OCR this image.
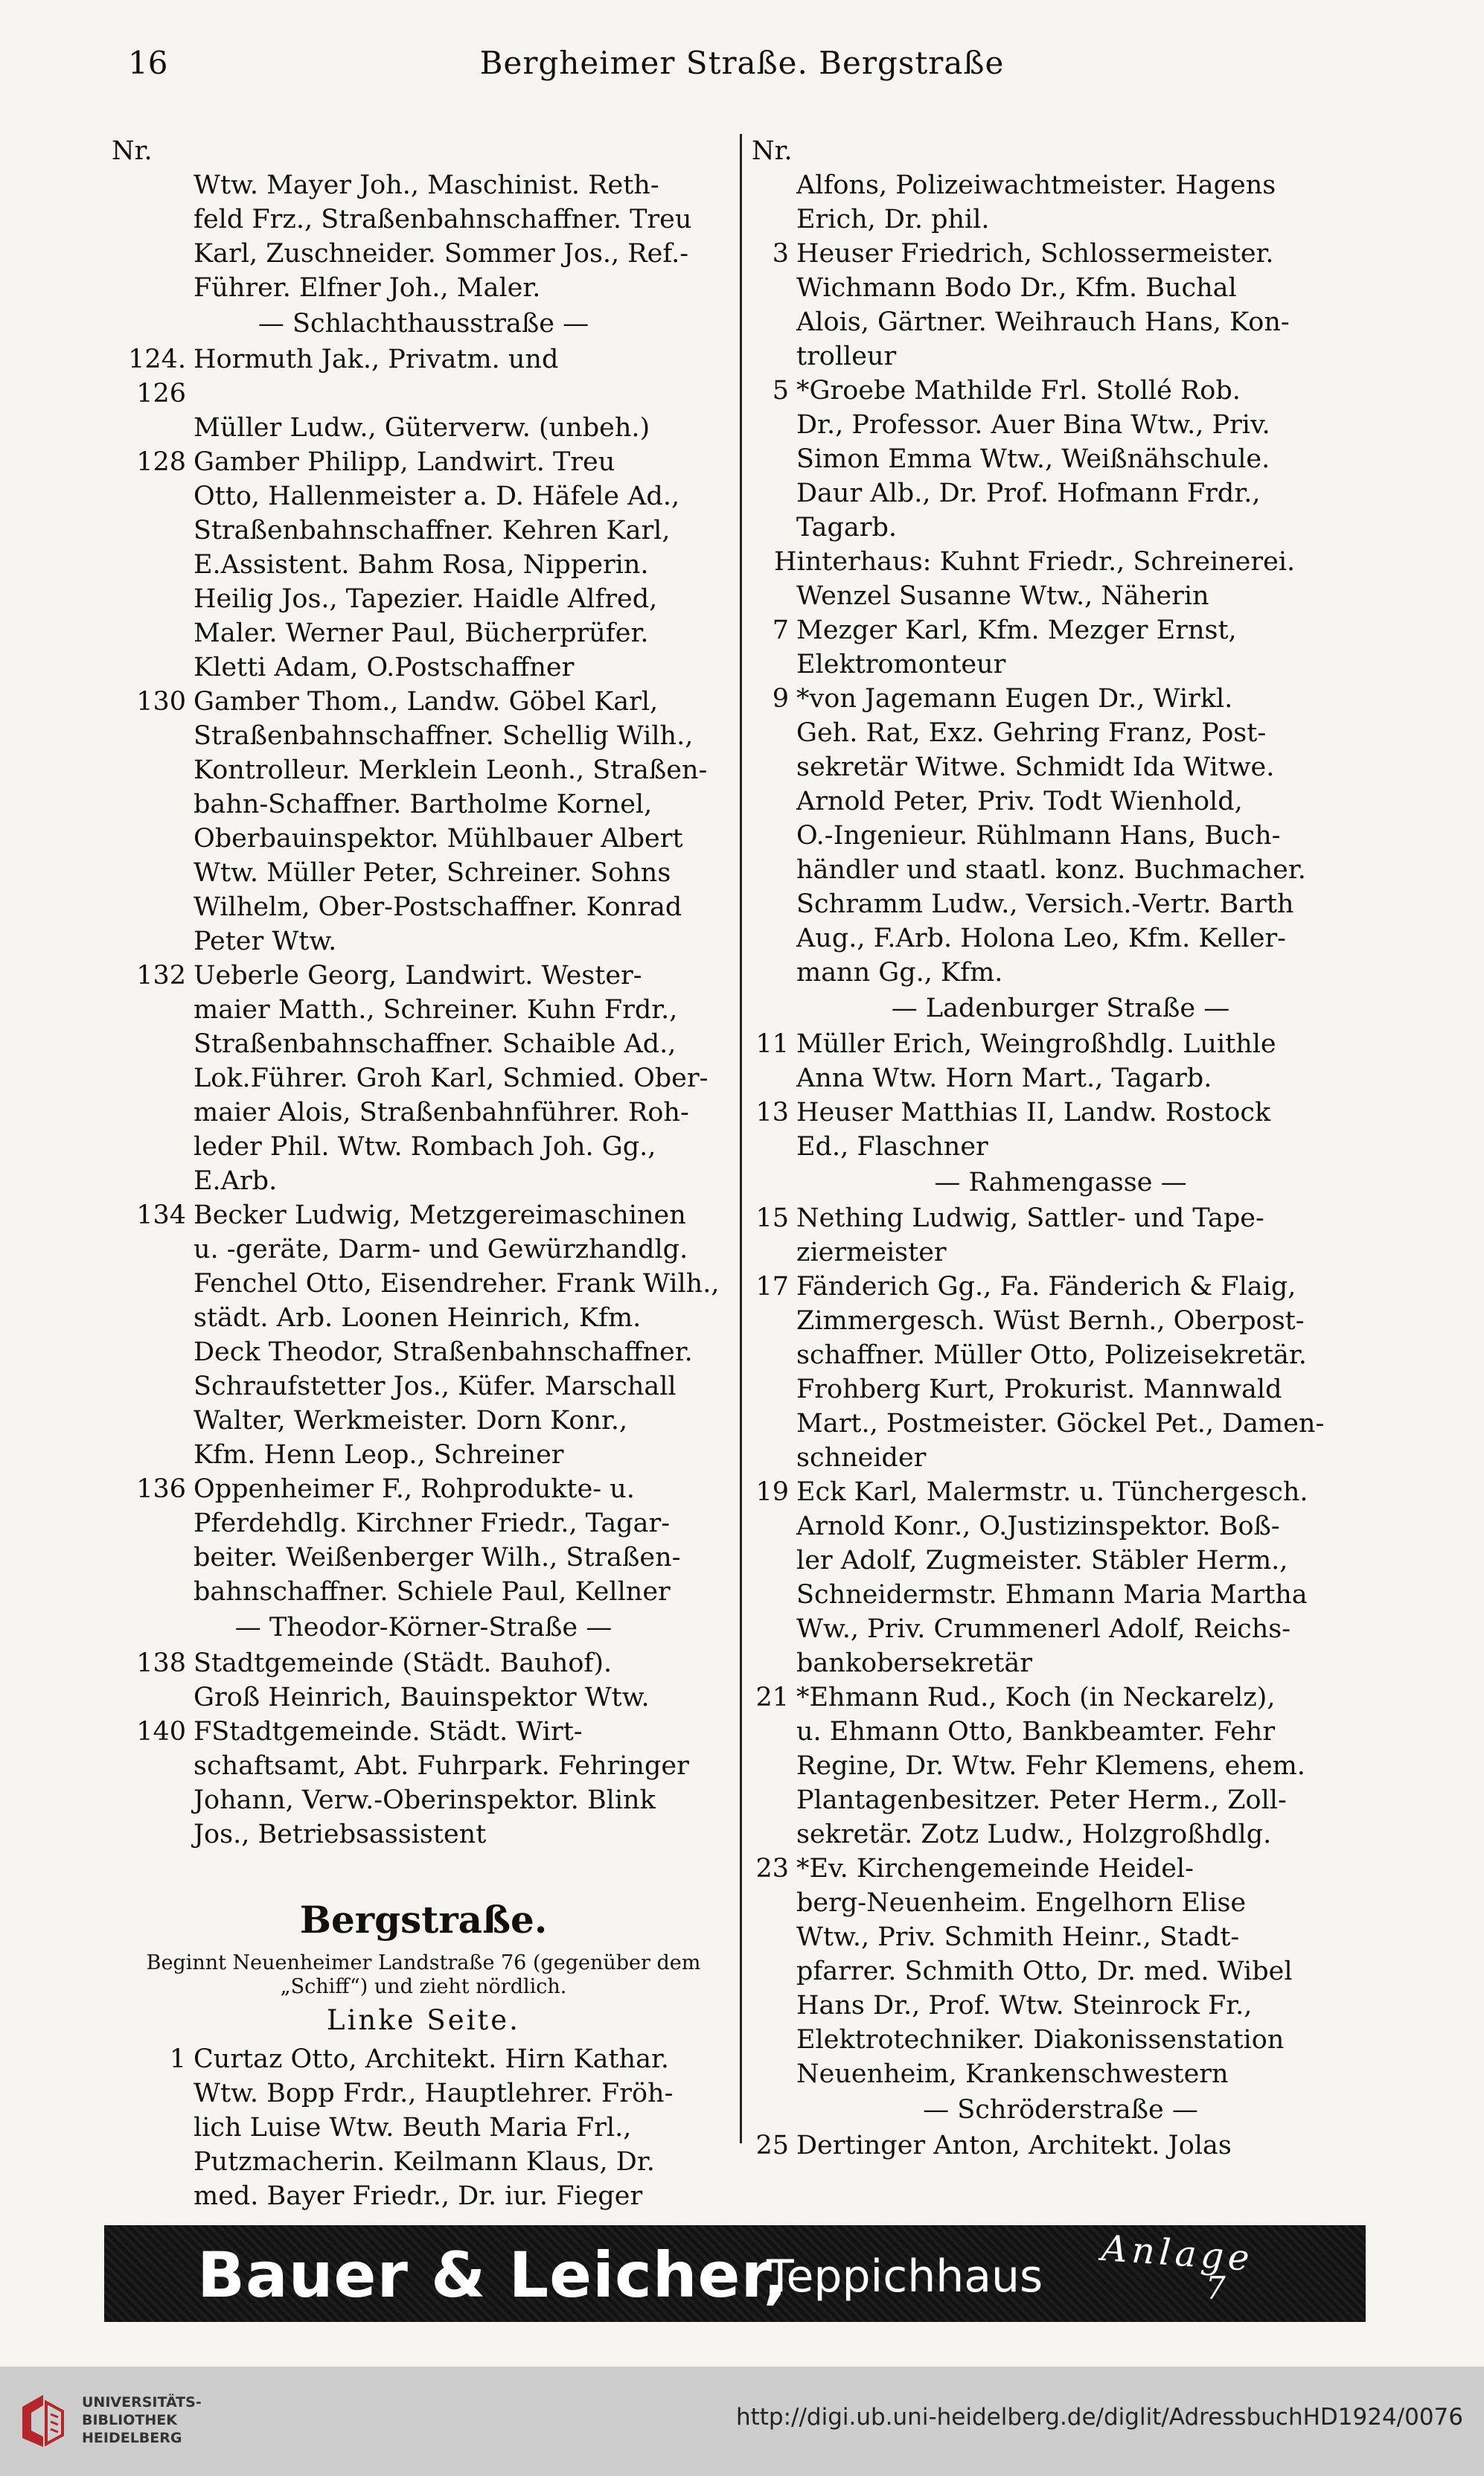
16	Bergheimer Straße. Bergstraße
Nr.
Wtw. Mayer Joh., Maschinist. Reth-
feld Frz., Straßenbahnschaffner. Treu
Karl, Zuschneider. Sommer Jos., Ref.-
Führer. Elfner Joh., Maler.
— Schlachthausstraße —
124. 126
Hormuth Jak., Privatm. und
Müller Ludw., Güterverw. (unbeh.)
128 Gamber Philipp, Landwirt. Treu
Otto, Hallenmeister a. D. Häfele Ad.,
Straßenbahnschaffner. Kehren Karl,
E.Assistent. Bahm Rosa, Nipperin.
Heilig Jos., Tapezier. Haidle Alfred,
Maler. Werner Paul, Bücherprüfer.
Kletti Adam, O.Postschaffner
130 Gamber Thom., Landw. Göbel Karl,
Straßenbahnschaffner. Schellig Wilh.,
Kontrolleur. Merklein Leonh., Straßen-
bahn-Schaffner. Bartholme Kornel,
Oberbauinspektor. Mühlbauer Albert
Wtw. Müller Peter, Schreiner. Sohns
Wilhelm, Ober-Postschaffner. Konrad
Peter Wtw.
132 Ueberle Georg, Landwirt. Wester-
maier Matth., Schreiner. Kuhn Frdr.,
Straßenbahnschaffner. Schaible Ad.,
Lok.Führer. Groh Karl, Schmied. Ober-
maier Alois, Straßenbahnführer. Roh-
leder Phil. Wtw. Rombach Joh. Gg.,
E.Arb.
134 Becker Ludwig, Metzgereimaschinen
u. -geräte, Darm- und Gewürzhandlg.
Fenchel Otto, Eisendreher. Frank Wilh.,
städt. Arb. Loonen Heinrich, Kfm.
Deck Theodor, Straßenbahnschaffner.
Schraufstetter Jos., Küfer. Marschall
Walter, Werkmeister. Dorn Konr.,
Kfm. Henn Leop., Schreiner
136 Oppenheimer F., Rohprodukte- u.
Pferdehdlg. Kirchner Friedr., Tagar-
beiter. Weißenberger Wilh., Straßen-
bahnschaffner. Schiele Paul, Kellner
— Theodor-Körner-Straße —
138 Stadtgemeinde (Städt. Bauhof).
Groß Heinrich, Bauinspektor Wtw.
140 FStadtgemeinde. Städt. Wirt-
schaftsamt, Abt. Fuhrpark. Fehringer
Johann, Verw.-Oberinspektor. Blink
Jos., Betriebsassistent
Bergstraße.
Beginnt Neuenheimer Landstraße 76 (gegenüber dem „Schiff“) und zieht nördlich.
Linke Seite.
1 Curtaz Otto, Architekt. Hirn Kathar.
Wtw. Bopp Frdr., Hauptlehrer. Fröh-
lich Luise Wtw. Beuth Maria Frl.,
Putzmacherin. Keilmann Klaus, Dr.
med. Bayer Friedr., Dr. iur. Fieger
Nr.
Alfons, Polizeiwachtmeister. Hagens
Erich, Dr. phil.
3 Heuser Friedrich, Schlossermeister.
Wichmann Bodo Dr., Kfm. Buchal
Alois, Gärtner. Weihrauch Hans, Kon-
trolleur
5 *Groebe Mathilde Frl. Stollé Rob.
Dr., Professor. Auer Bina Wtw., Priv.
Simon Emma Wtw., Weißnähschule.
Daur Alb., Dr. Prof. Hofmann Frdr.,
Tagarb.
Hinterhaus: Kuhnt Friedr., Schreinerei.
Wenzel Susanne Wtw., Näherin
7 Mezger Karl, Kfm. Mezger Ernst,
Elektromonteur
9 *von Jagemann Eugen Dr., Wirkl.
Geh. Rat, Exz. Gehring Franz, Post-
sekretär Witwe. Schmidt Ida Witwe.
Arnold Peter, Priv. Todt Wienhold,
O.-Ingenieur. Rühlmann Hans, Buch-
händler und staatl. konz. Buchmacher.
Schramm Ludw., Versich.-Vertr. Barth
Aug., F.Arb. Holona Leo, Kfm. Keller-
mann Gg., Kfm.
— Ladenburger Straße —
11 Müller Erich, Weingroßhdlg. Luithle
Anna Wtw. Horn Mart., Tagarb.
13 Heuser Matthias II, Landw. Rostock
Ed., Flaschner
— Rahmengasse —
15 Nething Ludwig, Sattler- und Tape-
ziermeister
17 Fänderich Gg., Fa. Fänderich & Flaig,
Zimmergesch. Wüst Bernh., Oberpost-
schaffner. Müller Otto, Polizeisekretär.
Frohberg Kurt, Prokurist. Mannwald
Mart., Postmeister. Göckel Pet., Damen-
schneider
19 Eck Karl, Malermstr. u. Tünchergesch.
Arnold Konr., O.Justizinspektor. Boß-
ler Adolf, Zugmeister. Stäbler Herm.,
Schneidermstr. Ehmann Maria Martha
Ww., Priv. Crummenerl Adolf, Reichs-
bankobersekretär
21 *Ehmann Rud., Koch (in Neckarelz),
u. Ehmann Otto, Bankbeamter. Fehr
Regine, Dr. Wtw. Fehr Klemens, ehem.
Plantagenbesitzer. Peter Herm., Zoll-
sekretär. Zotz Ludw., Holzgroßhdlg.
23 *Ev. Kirchengemeinde Heidel-
berg-Neuenheim. Engelhorn Elise
Wtw., Priv. Schmith Heinr., Stadt-
pfarrer. Schmith Otto, Dr. med. Wibel
Hans Dr., Prof. Wtw. Steinrock Fr.,
Elektrotechniker. Diakonissenstation
Neuenheim, Krankenschwestern
— Schröderstraße —
25 Dertinger Anton, Architekt. Jolas
Bauer & Leicher,
Teppichhaus Anlage
7
UNIVERSITÄTS-
BIBLIOTHEK
HEIDELBERG
http://digi.ub.uni-heidelberg.de/diglit/AdressbuchHD1924/0076
